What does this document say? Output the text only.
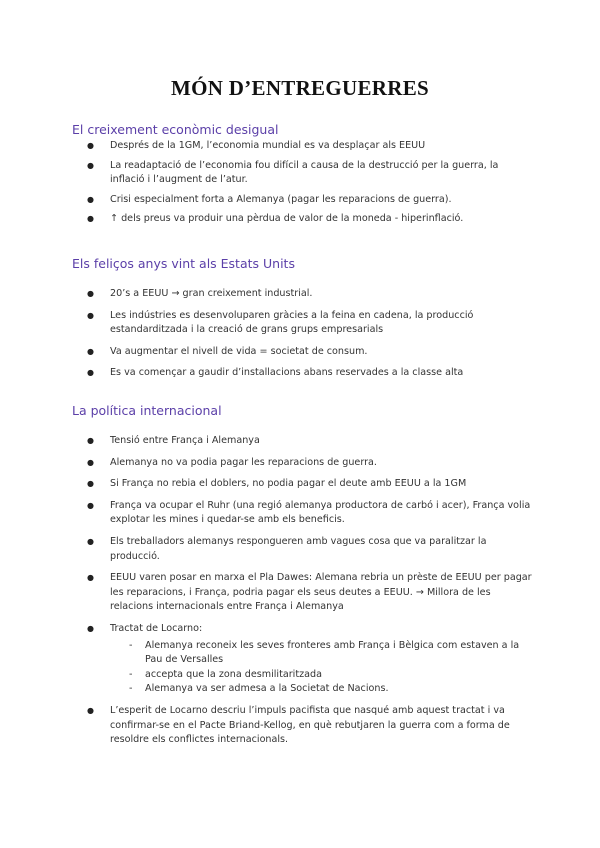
MÓN D’ENTREGUERRES
El creixement econòmic desigual
● Després de la 1GM, l’economia mundial es va desplaçar als EEUU
● La readaptació de l’economia fou difícil a causa de la destrucció per la guerra, la inflació i l’augment de l’atur.
● Crisi especialment forta a Alemanya (pagar les reparacions de guerra).
● ↑ dels preus va produir una pèrdua de valor de la moneda - hiperinflació.
Els feliços anys vint als Estats Units
● 20’s a EEUU → gran creixement industrial.
● Les indústries es desenvoluparen gràcies a la feina en cadena, la producció estandarditzada i la creació de grans grups empresarials
● Va augmentar el nivell de vida = societat de consum.
● Es va començar a gaudir d’installacions abans reservades a la classe alta
La política internacional
● Tensió entre França i Alemanya
● Alemanya no va podia pagar les reparacions de guerra.
● Si França no rebia el doblers, no podia pagar el deute amb EEUU a la 1GM
● França va ocupar el Ruhr (una regió alemanya productora de carbó i acer), França volia explotar les mines i quedar-se amb els beneficis.
● Els treballadors alemanys respongueren amb vagues cosa que va paralitzar la producció.
● EEUU varen posar en marxa el Pla Dawes: Alemana rebria un prèste de EEUU per pagar les reparacions, i França, podria pagar els seus deutes a EEUU. → Millora de les relacions internacionals entre França i Alemanya
● Tractat de Locarno:
- Alemanya reconeix les seves fronteres amb França i Bèlgica com estaven a la Pau de Versalles
- accepta que la zona desmilitaritzada
- Alemanya va ser admesa a la Societat de Nacions.
● L’esperit de Locarno descriu l’impuls pacifista que nasqué amb aquest tractat i va confirmar-se en el Pacte Briand-Kellog, en què rebutjaren la guerra com a forma de resoldre els conflictes internacionals.
